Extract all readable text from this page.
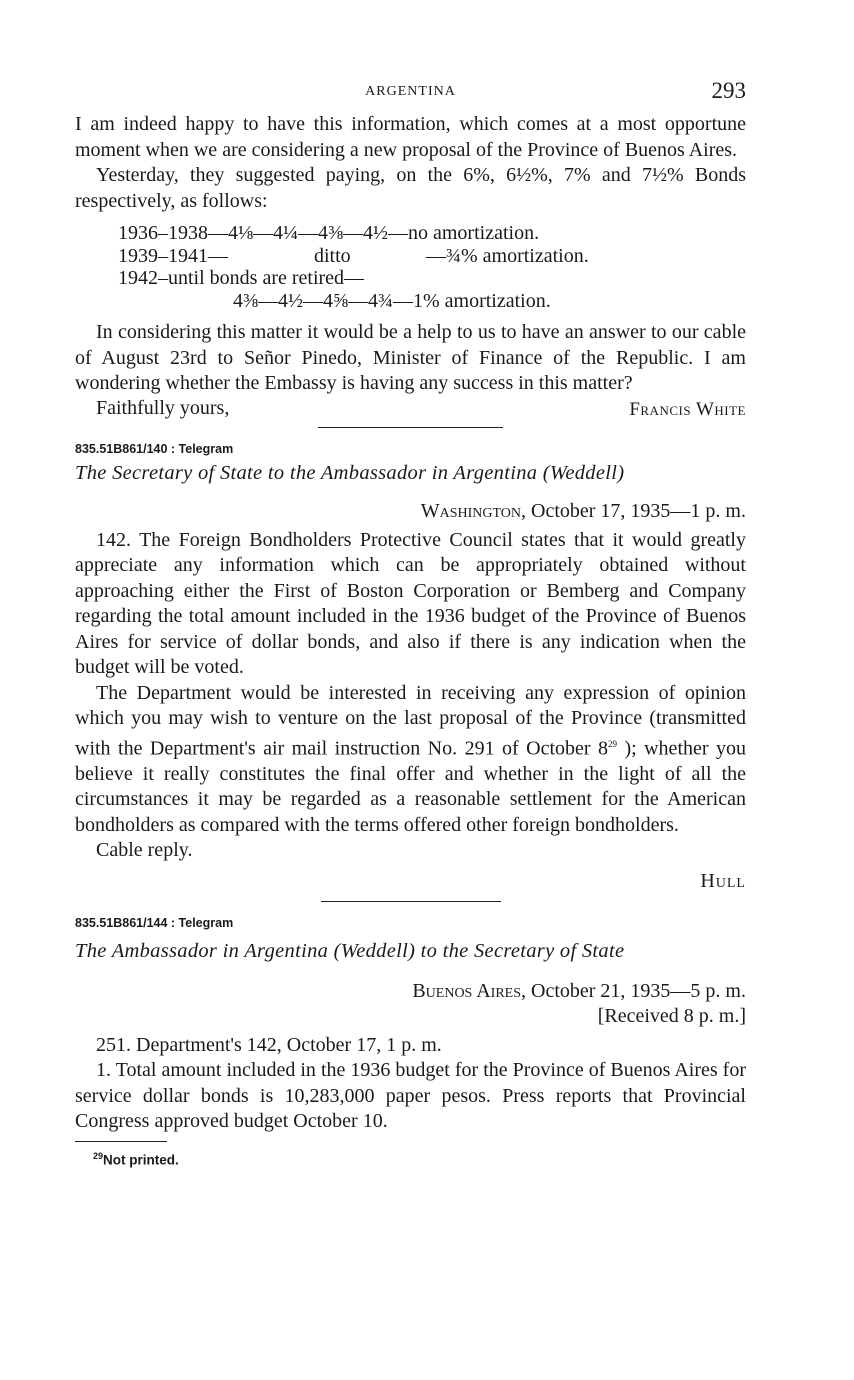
ARGENTINA	293

I am indeed happy to have this information, which comes at a most opportune moment when we are considering a new proposal of the Province of Buenos Aires.

Yesterday, they suggested paying, on the 6%, 6½%, 7% and 7½% Bonds respectively, as follows:

1936–1938—4⅛—4¼—4⅜—4½—no amortization.
1939–1941—	ditto	—¾% amortization.
1942–until bonds are retired—
4⅜—4½—4⅝—4¾—1% amortization.

In considering this matter it would be a help to us to have an answer to our cable of August 23rd to Señor Pinedo, Minister of Finance of the Republic. I am wondering whether the Embassy is having any success in this matter?

Faithfully yours,	Francis White
835.51B861/140 : Telegram
The Secretary of State to the Ambassador in Argentina (Weddell)
Washington, October 17, 1935—1 p. m.

142. The Foreign Bondholders Protective Council states that it would greatly appreciate any information which can be appropriately obtained without approaching either the First of Boston Corporation or Bemberg and Company regarding the total amount included in the 1936 budget of the Province of Buenos Aires for service of dollar bonds, and also if there is any indication when the budget will be voted.

The Department would be interested in receiving any expression of opinion which you may wish to venture on the last proposal of the Province (transmitted with the Department's air mail instruction No. 291 of October 8$^{29}$ ); whether you believe it really constitutes the final offer and whether in the light of all the circumstances it may be regarded as a reasonable settlement for the American bondholders as compared with the terms offered other foreign bondholders.

Cable reply.

Hull
835.51B861/144 : Telegram
The Ambassador in Argentina (Weddell) to the Secretary of State
Buenos Aires, October 21, 1935—5 p. m.
[Received 8 p. m.]

251. Department's 142, October 17, 1 p. m.

1. Total amount included in the 1936 budget for the Province of Buenos Aires for service dollar bonds is 10,283,000 paper pesos. Press reports that Provincial Congress approved budget October 10.

$^{29}$Not printed.
